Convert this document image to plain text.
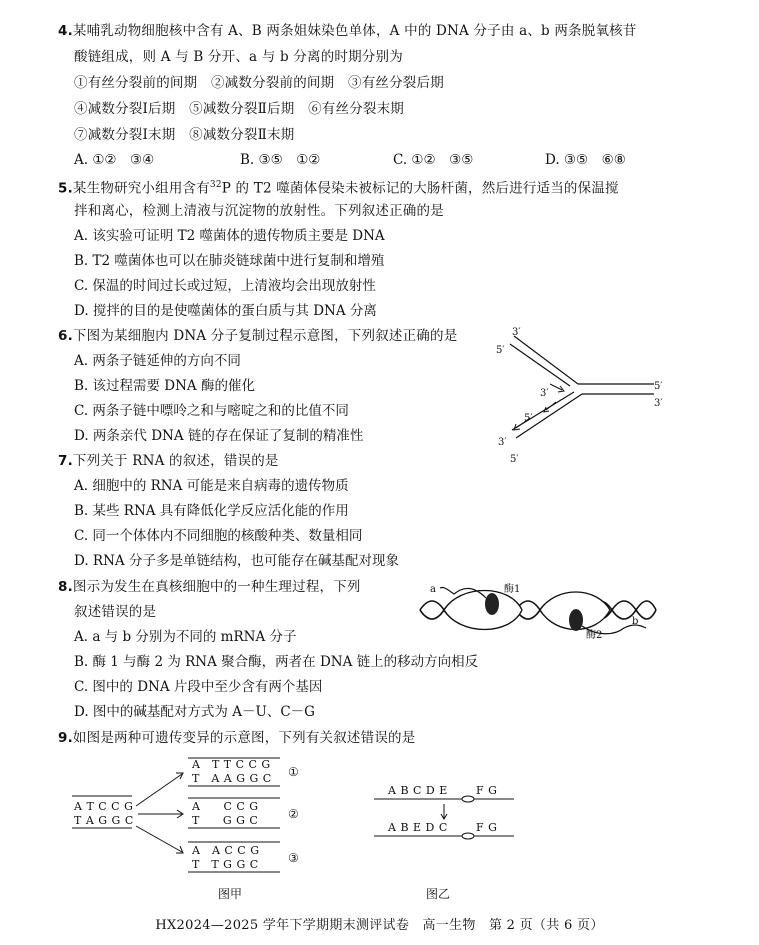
4.某哺乳动物细胞核中含有 A、B 两条姐妹染色单体，A 中的 DNA 分子由 a、b 两条脱氧核苷
酸链组成，则 A 与 B 分开、a 与 b 分离的时期分别为
①有丝分裂前的间期　②减数分裂前的间期　③有丝分裂后期
④减数分裂Ⅰ后期　⑤减数分裂Ⅱ后期　⑥有丝分裂末期
⑦减数分裂Ⅰ末期　⑧减数分裂Ⅱ末期
A. ①②　③④	B. ③⑤　①②	C. ①②　③⑤	D. ③⑤　⑥⑧
5.某生物研究小组用含有$^{32}$P 的 T2 噬菌体侵染未被标记的大肠杆菌，然后进行适当的保温搅
拌和离心，检测上清液与沉淀物的放射性。下列叙述正确的是
A. 该实验可证明 T2 噬菌体的遗传物质主要是 DNA
B. T2 噬菌体也可以在肺炎链球菌中进行复制和增殖
C. 保温的时间过长或过短，上清液均会出现放射性
D. 搅拌的目的是使噬菌体的蛋白质与其 DNA 分离
6.下图为某细胞内 DNA 分子复制过程示意图，下列叙述正确的是
A. 两条子链延伸的方向不同
B. 该过程需要 DNA 酶的催化
C. 两条子链中嘌呤之和与嘧啶之和的比值不同
D. 两条亲代 DNA 链的存在保证了复制的精准性
3′
5′
3′
5′
3′
5′
3′
5′
7.下列关于 RNA 的叙述，错误的是
A. 细胞中的 RNA 可能是来自病毒的遗传物质
B. 某些 RNA 具有降低化学反应活化能的作用
C. 同一个体体内不同细胞的核酸种类、数量相同
D. RNA 分子多是单链结构，也可能存在碱基配对现象
8.图示为发生在真核细胞中的一种生理过程，下列
叙述错误的是
A. a 与 b 分别为不同的 mRNA 分子
B. 酶 1 与酶 2 为 RNA 聚合酶，两者在 DNA 链上的移动方向相反
C. 图中的 DNA 片段中至少含有两个基因
D. 图中的碱基配对方式为 A－U、C－G
a	酶1
酶2
b
9.如图是两种可遗传变异的示意图，下列有关叙述错误的是
A T C C G
T A G G C
A　T T C C G
T　A A G G C ①
A　　C C G
T　　G G C ②
A　A C C G
T　T G G C ③
图甲
A B C D E	F G
A B E D C	F G
图乙
HX2024—2025 学年下学期期末测评试卷　高一生物　第 2 页（共 6 页）
